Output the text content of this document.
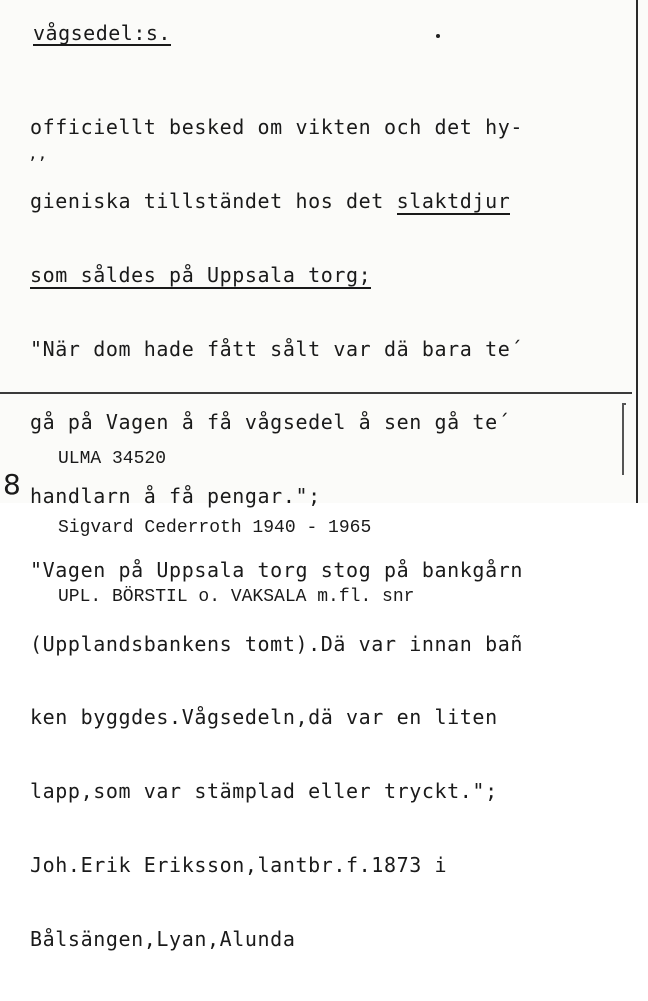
vågsedel:s.
‚‚

officiellt besked om vikten och det hy-

gieniska tillständet hos det slaktdjur

som såldes på Uppsala torg;

"När dom hade fått sålt var dä bara te´

gå på Vagen å få vågsedel å sen gå te´

handlarn å få pengar.";

"Vagen på Uppsala torg stog på bankgårn

(Upplandsbankens tomt).Dä var innan bañ

ken byggdes.Vågsedeln,dä var en liten

lapp,som var stämplad eller tryckt.";

Joh.Erik Eriksson,lantbr.f.1873 i

Bålsängen,Lyan,Alunda

ULMA 34520

Sigvard Cederroth 1940 - 1965

UPL. BÖRSTIL o. VAKSALA m.fl. snr

8
